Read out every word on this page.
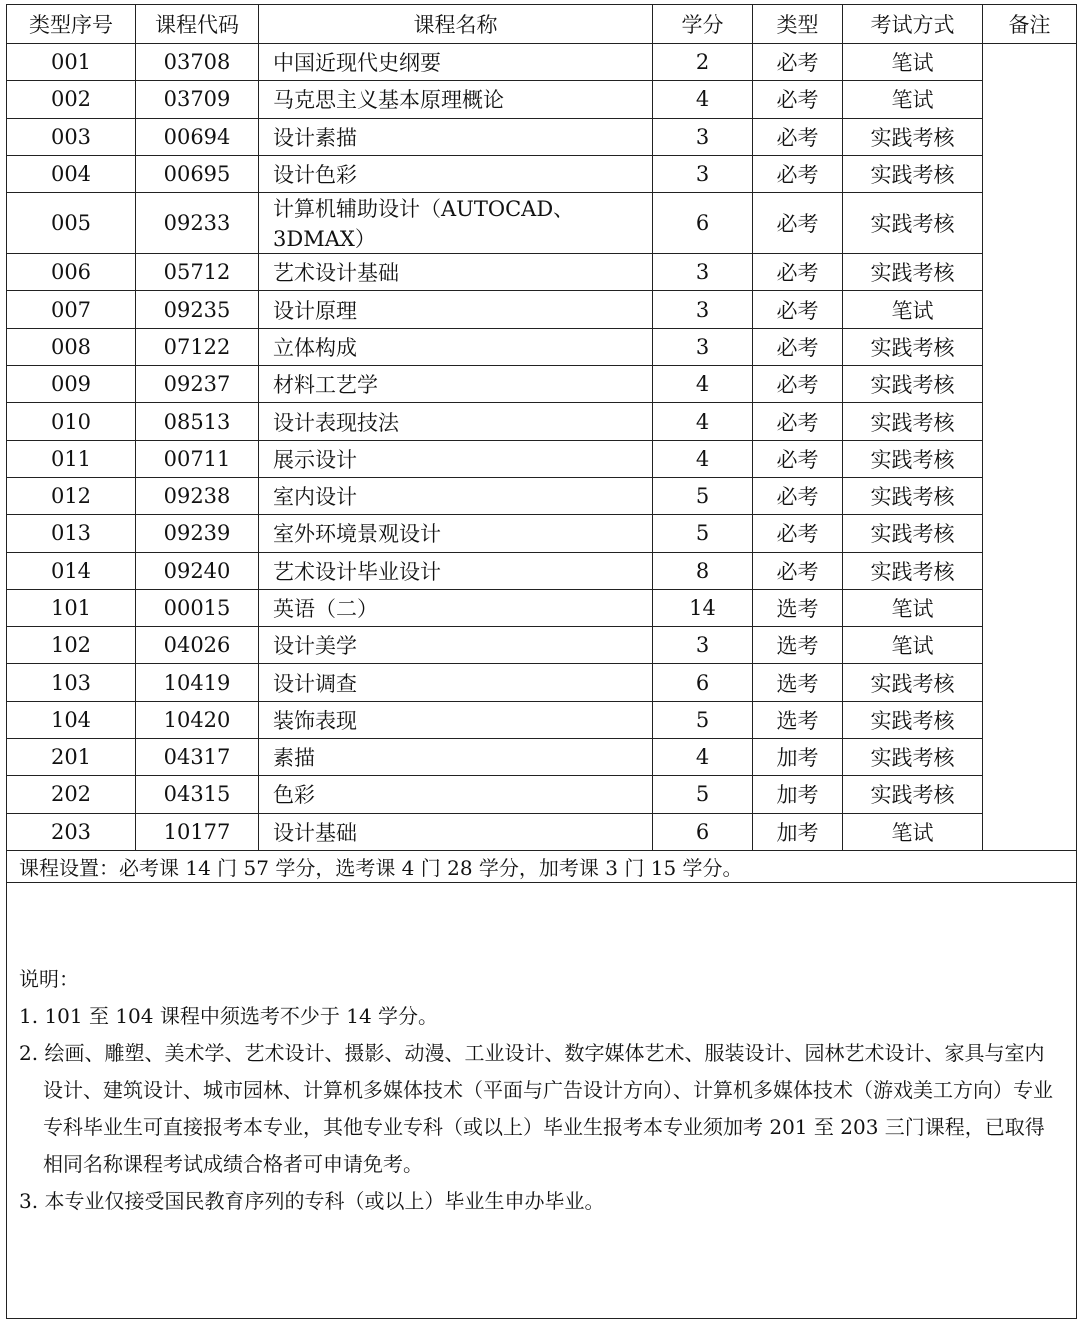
类型序号	课程代码	课程名称	学分	类型	考试方式	备注
001	03708	中国近现代史纲要	2	必考	笔试	
002	03709	马克思主义基本原理概论	4	必考	笔试	
003	00694	设计素描	3	必考	实践考核	
004	00695	设计色彩	3	必考	实践考核	
005	09233	计算机辅助设计（AUTOCAD、3DMAX）	6	必考	实践考核	
006	05712	艺术设计基础	3	必考	实践考核	
007	09235	设计原理	3	必考	笔试	
008	07122	立体构成	3	必考	实践考核	
009	09237	材料工艺学	4	必考	实践考核	
010	08513	设计表现技法	4	必考	实践考核	
011	00711	展示设计	4	必考	实践考核	
012	09238	室内设计	5	必考	实践考核	
013	09239	室外环境景观设计	5	必考	实践考核	
014	09240	艺术设计毕业设计	8	必考	实践考核	
101	00015	英语（二）	14	选考	笔试	
102	04026	设计美学	3	选考	笔试	
103	10419	设计调查	6	选考	实践考核	
104	10420	装饰表现	5	选考	实践考核	
201	04317	素描	4	加考	实践考核	
202	04315	色彩	5	加考	实践考核	
203	10177	设计基础	6	加考	笔试	
课程设置：必考课 14 门 57 学分，选考课 4 门 28 学分，加考课 3 门 15 学分。						

说明：
1. 101 至 104 课程中须选考不少于 14 学分。
2. 绘画、雕塑、美术学、艺术设计、摄影、动漫、工业设计、数字媒体艺术、服装设计、园林艺术设计、家具与室内设计、建筑设计、城市园林、计算机多媒体技术（平面与广告设计方向）、计算机多媒体技术（游戏美工方向）专业专科毕业生可直接报考本专业，其他专业专科（或以上）毕业生报考本专业须加考 201 至 203 三门课程，已取得相同名称课程考试成绩合格者可申请免考。
3. 本专业仅接受国民教育序列的专科（或以上）毕业生申办毕业。						
